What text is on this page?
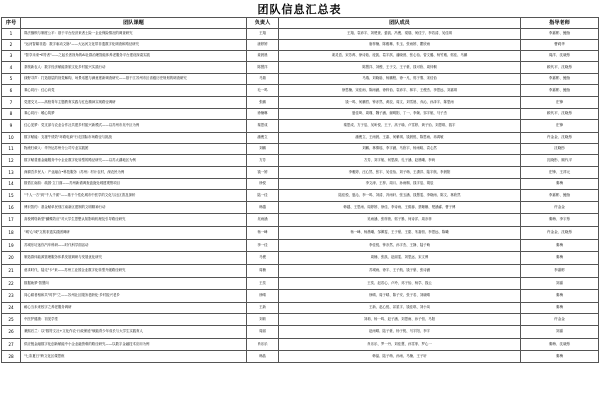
团队信息汇总表
序号	团队课题	负责人	团队成员	指导老师
1	算法枷锁与制度公平：基于平台经济来者土险一企业保险情况的调查研究	王翔	王翔、袁沛宇、刘楚萱、晏凯、冯俊、梁瑞、何佳宁、李若清、吴佳琪	李嘉彬、鲍怡
2	"运河智媒非遗：数字驱动文脉"——大运河文化带非遗数字化调查和路径研究	唐婷婷	唐梓楠、陈雅琳、朱玉、张雨婷、瞿欣雨	曹莉华
3	"智享未来•E符者"——之起长者视角的AI社群治理智能体养老服务平台建设探索实践	姜晨晨	姜灵语、宋芳苒、徐诗茹、庞凯、葛宇淇、潘晓萱、张心怡、曾文璐、杨竹雅、郭佳、马鹏	周洋、沈晓彤
4	茶旅新农人：数字经济赋能茶旅文化乡村振兴实践行动	陈慧洋	陈慧洋、刘俊、王子文、王子豪、钱可欣、周仲桐	顾代平、沈晓彤
5	绿野寻声：打造基层的视觉解构，场景话题与满意度新调查研究——基于江苏州市区省级历史规划的调查研究	马瑞	马瑞、刘晓晗、杨鹏程、徐一凡、郭子骞、宋佳怡	李嘉彬、鲍怡
6	乘心同行：红心向党	毛一鸣	徐思楠、宋佳雨、陈雨涵、徐梓怡、袁沛宇、林宇、王俊杰、李思远、刘嘉琪	李嘉彬、鲍怡
7	党建交叉——高校青年主题教育实践与红色精神实现路径调研	张鹏	钱一鸣、何鹏哲、钟亦然、黄辰、周文、刘雪晨、乔沁、孙泽宇、陈思雨	庄锋
8	乘心同行：暖心筑梦	徐楠琳	夏佳琦、周瑾、魏子涵、谢明阳、丁一、李婉、邹宇航、马子杰	顾代平、沈晓彤
9	红心见梦：党支部与农业合作社共建乡村振兴新模式——以苏州市吴中区为例	秦思成	秦思成、方子辰、吴昕悦、王子、高子瑜、卢雪婷、黄子怡、刘思琪、钱宇	庄锋
10	数字赋能：支援牛绩效"环路电商"行走国际市场路径与挑战	潘俊立	潘俊立、王雨晨、王嘉、何紫琪、钱晨悦、陈思雨、冉鸿敏	许金金、沈晓彤
11	物流归载入：华外运苏州分公司专业实践团	刘鹏	刘鹏、林倩瑶、李宇涵、马欣宇、杨雨暄、袁心然	沈晓彤
12	数字赋普惠金融服务中小企业数字化转型的路径研究——以苏太湖地区为例	方芳	方芳、刘宇航、何思源、孔子涵、赵晨曦、李尚	沈晓彤、顾代平
13	深耕吾乡民人：产业融合•科技服务（苏州）村计农村，深农民为例	钱一婷	李雅婷、汪心然、张宇、吴佳怡、刘子萌、王潇洋、陆宇航、李晨阳	庄锋、王祥元
14	数悟江南韵：疏园·立门面——苏州新谱调查盘旋处城建观察项目	徐悦	李文涛、王梓、周月、孙雨桐、钱宇辰、胡辰	秦梅
15	"千人一方"到"千人千面"——基于个性化城市中医学的文化与社区普及探析	陆一佳	陆佳悦、夏沁、李一鸣、刘清、冯雨轩、张玉涵、钱慧雯、李晓雨、陈文、林欣然	李嘉彬、鲍怡
16	博识智约：基金赋单民别江南新区建制的文明精神行动	韩越	韩越、王思雨、周婷婷、徐佳、李诗雨、王熙蓉、蔡姗姗、楚涵睿、曹子博	许金金
17	高校网络新型"蝴蝶效应"对大学生思想认知影响机理及引导路径研究	吴雨涵	吴雨涵、张梓萱、郭子墨、何诗洋、周亦菲	秦梅、李宇彤
18	"城'心'城"文旅非遗实践团调研	杨一峰	杨一峰、杨晨曦、邹佩雯、王子豪、王甜、朱嘉恒、李思远、陈曦	许金金、沈晓彤
19	苏城东坊迷你汽车科研——时代科学面活动	李一佳	李佳悦、钟亦然、孙宇杰、王静、陆子萌	秦梅
20	制造群体能源管理服务体系发展调研与发展优化研究	马俊	周楠、张凯、赵丽雯、刘思远、宋文博	秦梅
21	意求时代，陆走"卡"来——苏州工业园企业数字化转型升级路径研究	周楠	苏城雨、徐宇、王子航、钱子豪、张诗涵	李嘉彬
22	数据助梦·智慧向	王奕	王奕、赵若心、卢玲、邓子怡、杨学、钱云	刘嘉
23	同心耕者相和共"时护"之——苏州社区服务老龄化·乡村振兴老乡	徐晴	徐晴、周子晴、陈子安、张子若、刘晓晴	秦梅
24	耐心当未来校字之养老服务调研	王新	王新、赵心悦、祁星宇、钱佳琪、刘小凤	秦梅
25	中医护健康：初见学堂	刘莉	刘莉、杨一鸣、赵子涵、刘思雨、孙子恒、马阳	许金金
26	兼熙后兰：以"数符文社+文化作农·行政保延"赋能青少年成长与大学生实践育人	周丽	赵雨晴、陆子豪、杨子锐、马宇阳、李宇	刘嘉
27	供应链金融数字化创新赋能中小企业融资难的路径研究——以数字金融技术应用为例	肖乐乐	肖乐乐、罗一丹、刘佳慧、孙雪菲、罗心一	秦梅、沈晓彤
28	"七彩夏日"跨文化区课思练	韩晶	韩晶、陆子萌、孙雨、马楠、王子轩	秦梅
